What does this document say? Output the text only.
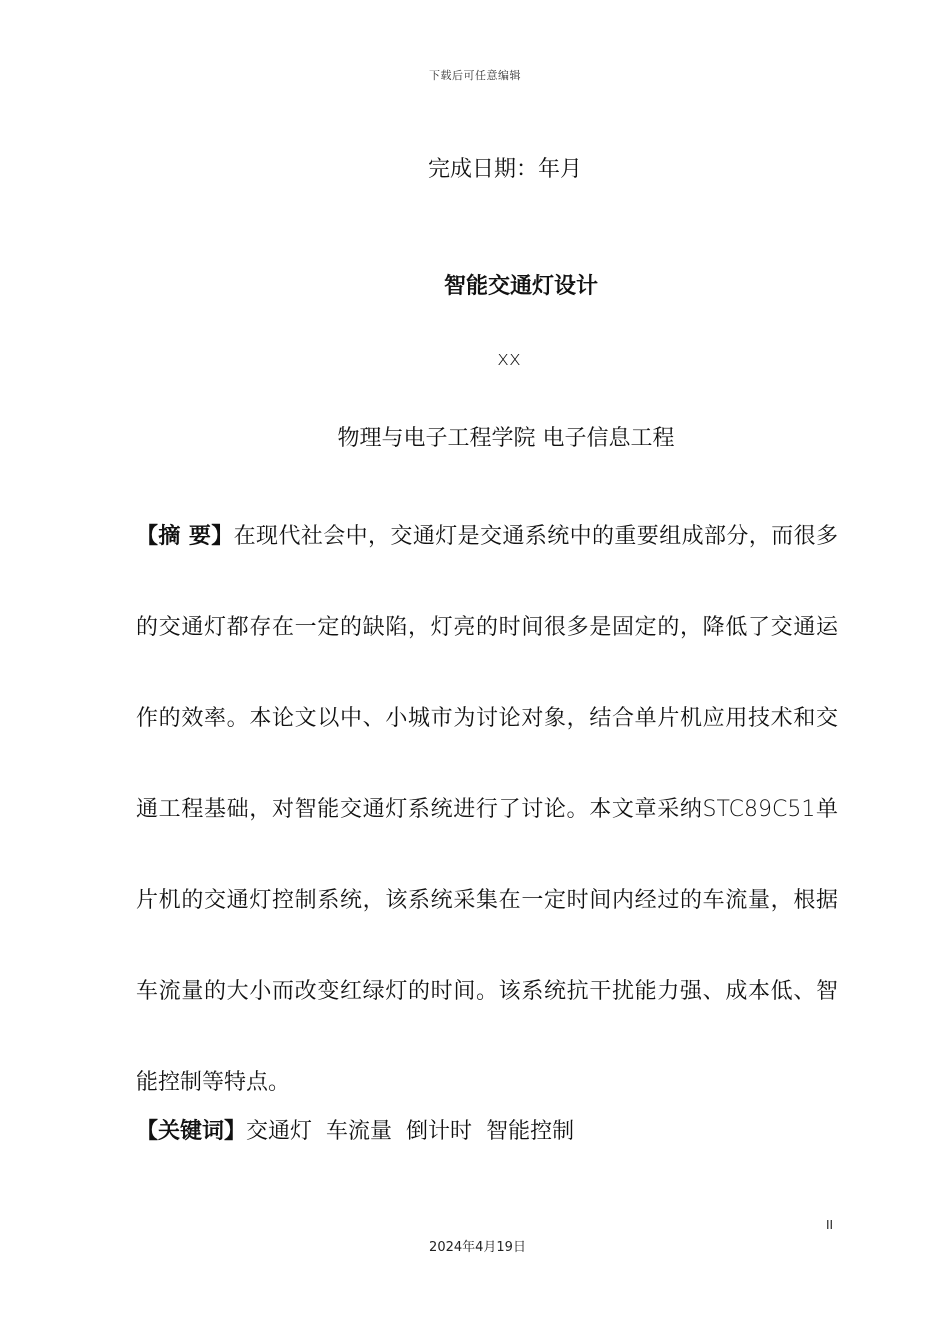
下载后可任意编辑
完成日期：年月
智能交通灯设计
xx
物理与电子工程学院 电子信息工程
【摘 要】在现代社会中，交通灯是交通系统中的重要组成部分，而很多的交通灯都存在一定的缺陷，灯亮的时间很多是固定的，降低了交通运作的效率。本论文以中、小城市为讨论对象，结合单片机应用技术和交通工程基础，对智能交通灯系统进行了讨论。本文章采纳STC89C51单片机的交通灯控制系统，该系统采集在一定时间内经过的车流量，根据车流量的大小而改变红绿灯的时间。该系统抗干扰能力强、成本低、智能控制等特点。
【关键词】交通灯 车流量 倒计时 智能控制
II
2024年4月19日
